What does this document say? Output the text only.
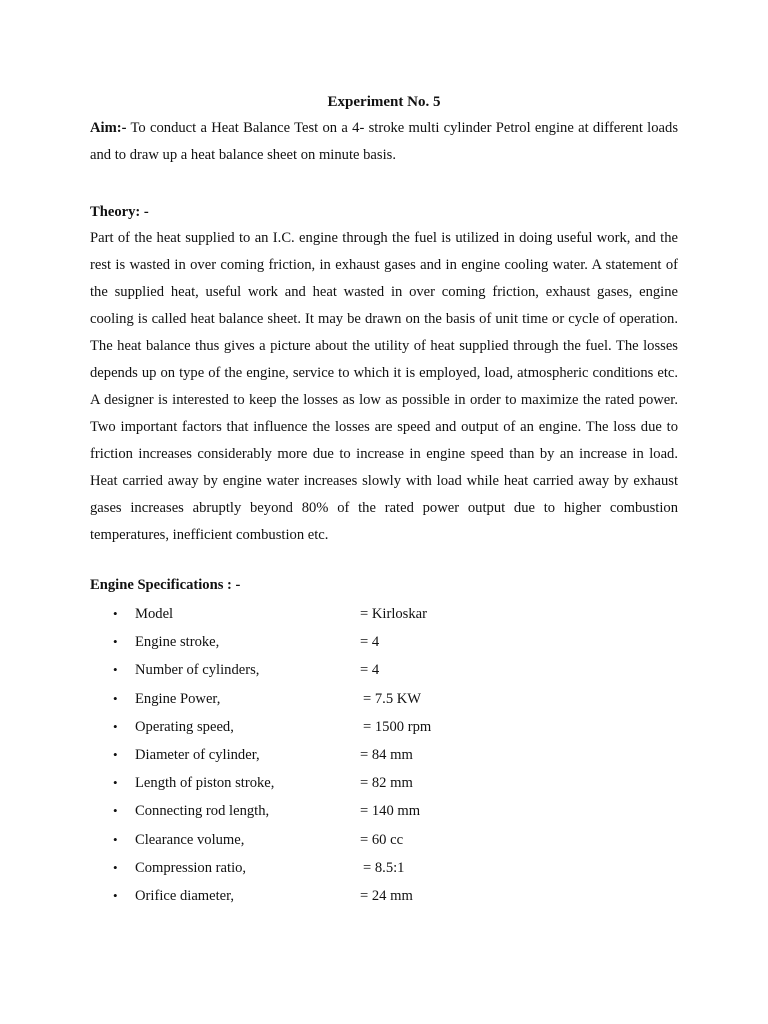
Experiment No. 5

Aim:- To conduct a Heat Balance Test on a 4- stroke multi cylinder Petrol engine at different loads and to draw up a heat balance sheet on minute basis.

Theory: -

Part of the heat supplied to an I.C. engine through the fuel is utilized in doing useful work, and the rest is wasted in over coming friction, in exhaust gases and in engine cooling water. A statement of the supplied heat, useful work and heat wasted in over coming friction, exhaust gases, engine cooling is called heat balance sheet. It may be drawn on the basis of unit time or cycle of operation. The heat balance thus gives a picture about the utility of heat supplied through the fuel. The losses depends up on type of the engine, service to which it is employed, load, atmospheric conditions etc. A designer is interested to keep the losses as low as possible in order to maximize the rated power. Two important factors that influence the losses are speed and output of an engine. The loss due to friction increases considerably more due to increase in engine speed than by an increase in load. Heat carried away by engine water increases slowly with load while heat carried away by exhaust gases increases abruptly beyond 80% of the rated power output due to higher combustion temperatures, inefficient combustion etc.

Engine Specifications : -

• Model	= Kirloskar
• Engine stroke,	= 4
• Number of cylinders,	= 4
• Engine Power,	= 7.5 KW
• Operating speed,	= 1500 rpm
• Diameter of cylinder,	= 84 mm
• Length of piston stroke,	= 82 mm
• Connecting rod length,	= 140 mm
• Clearance volume,	= 60 cc
• Compression ratio,	= 8.5:1
• Orifice diameter,	= 24 mm
